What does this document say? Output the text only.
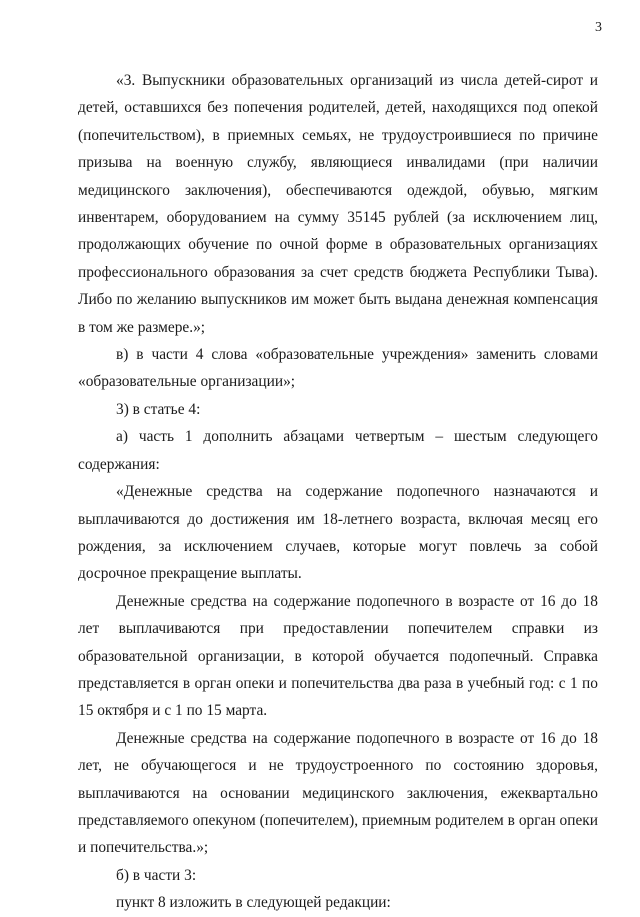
3

«3. Выпускники образовательных организаций из числа детей-сирот и детей, оставшихся без попечения родителей, детей, находящихся под опекой (попечительством), в приемных семьях, не трудоустроившиеся по причине призыва на военную службу, являющиеся инвалидами (при наличии медицинского заключения), обеспечиваются одеждой, обувью, мягким инвентарем, оборудованием на сумму 35145 рублей (за исключением лиц, продолжающих обучение по очной форме в образовательных организациях профессионального образования за счет средств бюджета Республики Тыва). Либо по желанию выпускников им может быть выдана денежная компенсация в том же размере.»;

в) в части 4 слова «образовательные учреждения» заменить словами «образовательные организации»;

3) в статье 4:

а) часть 1 дополнить абзацами четвертым – шестым следующего содержания:

«Денежные средства на содержание подопечного назначаются и выплачиваются до достижения им 18-летнего возраста, включая месяц его рождения, за исключением случаев, которые могут повлечь за собой досрочное прекращение выплаты.

Денежные средства на содержание подопечного в возрасте от 16 до 18 лет выплачиваются при предоставлении попечителем справки из образовательной организации, в которой обучается подопечный. Справка представляется в орган опеки и попечительства два раза в учебный год: с 1 по 15 октября и с 1 по 15 марта.

Денежные средства на содержание подопечного в возрасте от 16 до 18 лет, не обучающегося и не трудоустроенного по состоянию здоровья, выплачиваются на основании медицинского заключения, ежеквартально представляемого опекуном (попечителем), приемным родителем в орган опеки и попечительства.»;

б) в части 3:

пункт 8 изложить в следующей редакции:
